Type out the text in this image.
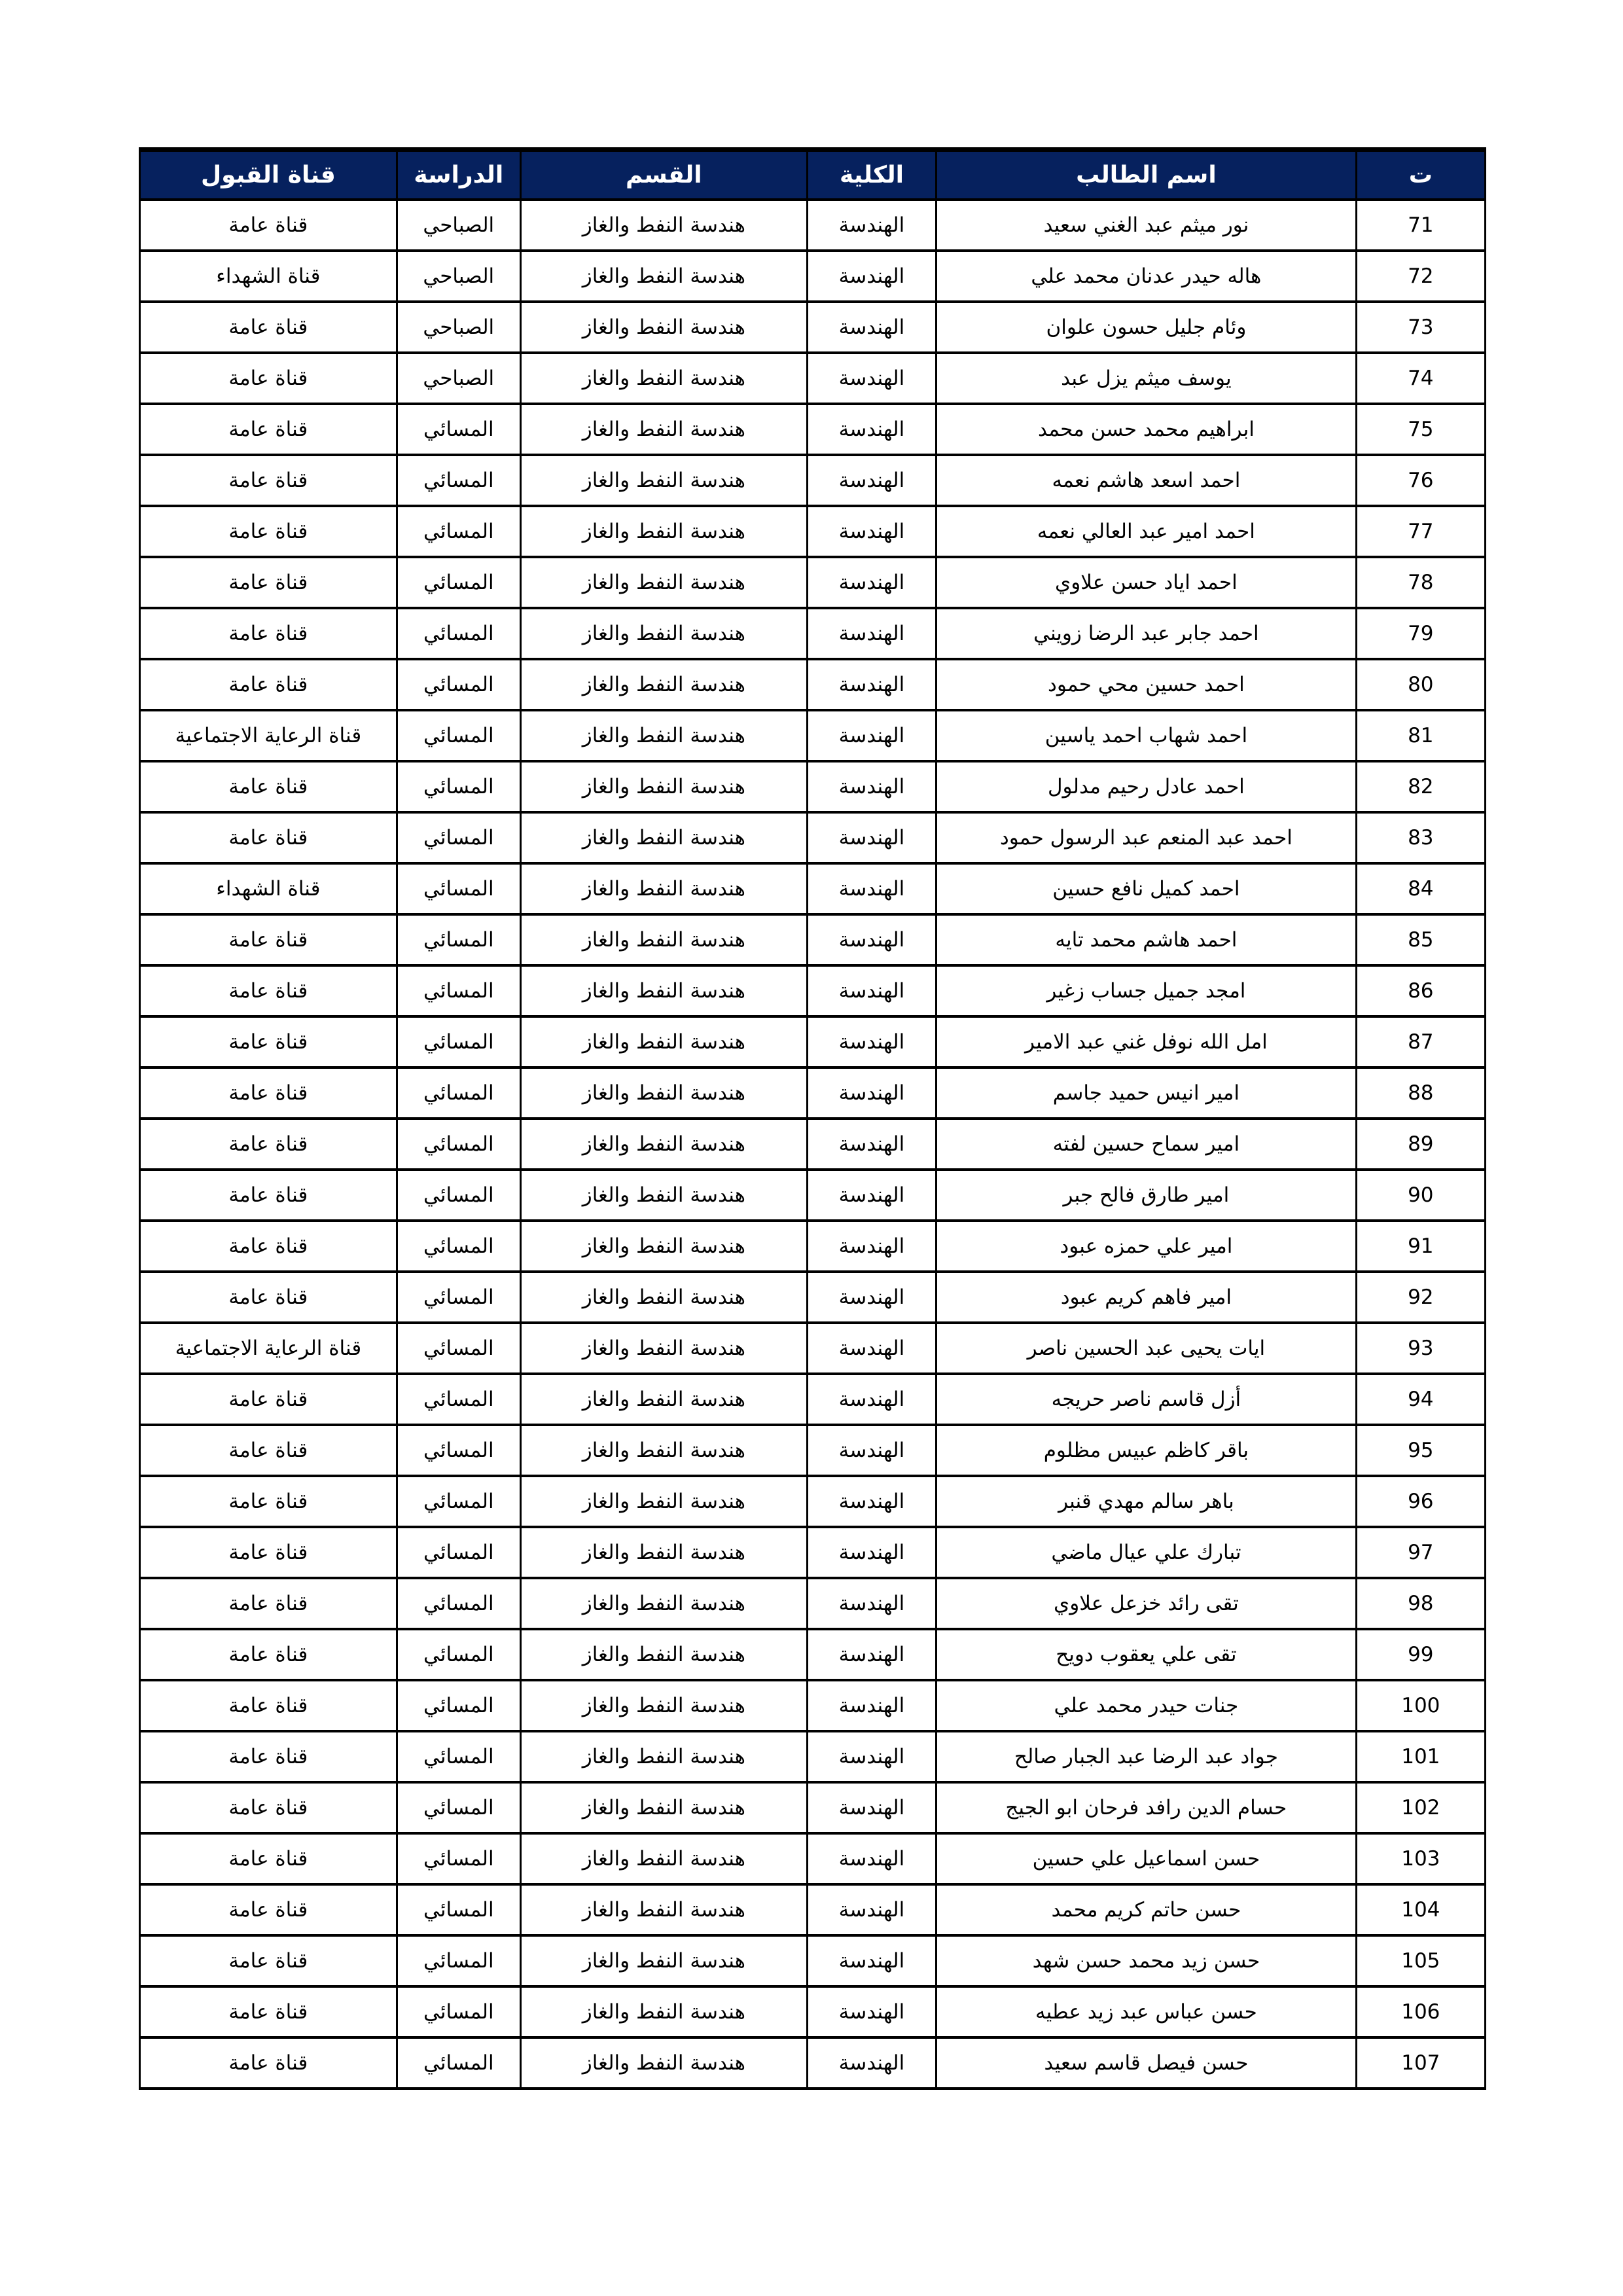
ت	اسم الطالب	الكلية	القسم	الدراسة	قناة القبول
71	نور ميثم عبد الغني سعيد	الهندسة	هندسة النفط والغاز	الصباحي	قناة عامة
72	هاله حيدر عدنان محمد علي	الهندسة	هندسة النفط والغاز	الصباحي	قناة الشهداء
73	وئام جليل حسون علوان	الهندسة	هندسة النفط والغاز	الصباحي	قناة عامة
74	يوسف ميثم يزل عبد	الهندسة	هندسة النفط والغاز	الصباحي	قناة عامة
75	ابراهيم محمد حسن محمد	الهندسة	هندسة النفط والغاز	المسائي	قناة عامة
76	احمد اسعد هاشم نعمه	الهندسة	هندسة النفط والغاز	المسائي	قناة عامة
77	احمد امير عبد العالي نعمه	الهندسة	هندسة النفط والغاز	المسائي	قناة عامة
78	احمد اياد حسن علاوي	الهندسة	هندسة النفط والغاز	المسائي	قناة عامة
79	احمد جابر عبد الرضا زويني	الهندسة	هندسة النفط والغاز	المسائي	قناة عامة
80	احمد حسين محي حمود	الهندسة	هندسة النفط والغاز	المسائي	قناة عامة
81	احمد شهاب احمد ياسين	الهندسة	هندسة النفط والغاز	المسائي	قناة الرعاية الاجتماعية
82	احمد عادل رحيم مدلول	الهندسة	هندسة النفط والغاز	المسائي	قناة عامة
83	احمد عبد المنعم عبد الرسول حمود	الهندسة	هندسة النفط والغاز	المسائي	قناة عامة
84	احمد كميل نافع حسين	الهندسة	هندسة النفط والغاز	المسائي	قناة الشهداء
85	احمد هاشم محمد تايه	الهندسة	هندسة النفط والغاز	المسائي	قناة عامة
86	امجد جميل جساب زغير	الهندسة	هندسة النفط والغاز	المسائي	قناة عامة
87	امل الله نوفل غني عبد الامير	الهندسة	هندسة النفط والغاز	المسائي	قناة عامة
88	امير انيس حميد جاسم	الهندسة	هندسة النفط والغاز	المسائي	قناة عامة
89	امير سماح حسين لفته	الهندسة	هندسة النفط والغاز	المسائي	قناة عامة
90	امير طارق فالح جبر	الهندسة	هندسة النفط والغاز	المسائي	قناة عامة
91	امير علي حمزه عبود	الهندسة	هندسة النفط والغاز	المسائي	قناة عامة
92	امير فاهم كريم عبود	الهندسة	هندسة النفط والغاز	المسائي	قناة عامة
93	ايات يحيى عبد الحسين ناصر	الهندسة	هندسة النفط والغاز	المسائي	قناة الرعاية الاجتماعية
94	أزل قاسم ناصر حريجه	الهندسة	هندسة النفط والغاز	المسائي	قناة عامة
95	باقر كاظم عبيس مظلوم	الهندسة	هندسة النفط والغاز	المسائي	قناة عامة
96	باهر سالم مهدي قنبر	الهندسة	هندسة النفط والغاز	المسائي	قناة عامة
97	تبارك علي عيال ماضي	الهندسة	هندسة النفط والغاز	المسائي	قناة عامة
98	تقى رائد خزعل علاوي	الهندسة	هندسة النفط والغاز	المسائي	قناة عامة
99	تقى علي يعقوب دويح	الهندسة	هندسة النفط والغاز	المسائي	قناة عامة
100	جنات حيدر محمد علي	الهندسة	هندسة النفط والغاز	المسائي	قناة عامة
101	جواد عبد الرضا عبد الجبار صالح	الهندسة	هندسة النفط والغاز	المسائي	قناة عامة
102	حسام الدين رافد فرحان ابو الجيج	الهندسة	هندسة النفط والغاز	المسائي	قناة عامة
103	حسن اسماعيل علي حسين	الهندسة	هندسة النفط والغاز	المسائي	قناة عامة
104	حسن حاتم كريم محمد	الهندسة	هندسة النفط والغاز	المسائي	قناة عامة
105	حسن زيد محمد حسن شهد	الهندسة	هندسة النفط والغاز	المسائي	قناة عامة
106	حسن عباس عبد زيد عطيه	الهندسة	هندسة النفط والغاز	المسائي	قناة عامة
107	حسن فيصل قاسم سعيد	الهندسة	هندسة النفط والغاز	المسائي	قناة عامة
